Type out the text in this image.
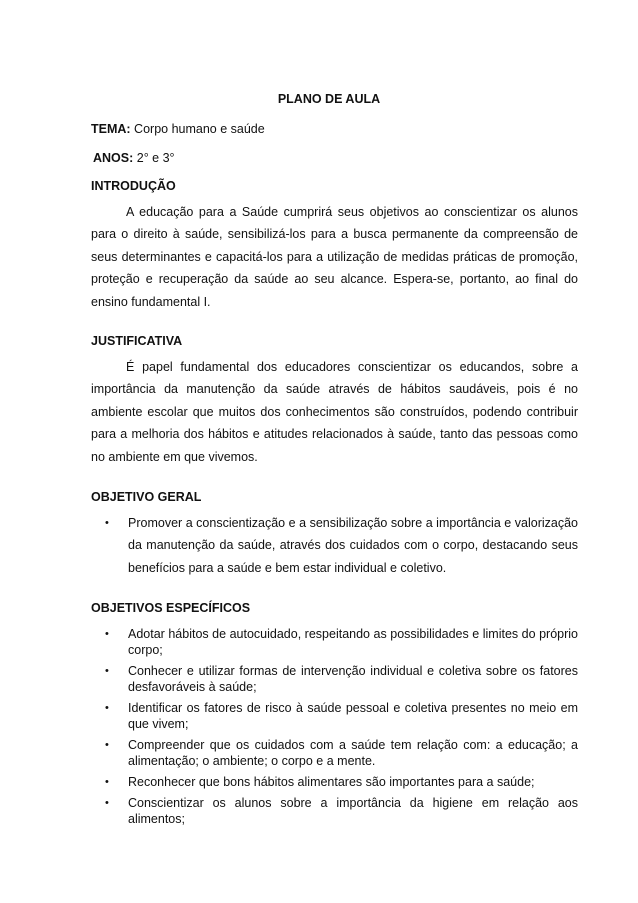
PLANO DE AULA
TEMA: Corpo humano e saúde
ANOS: 2° e 3°
INTRODUÇÃO

A educação para a Saúde cumprirá seus objetivos ao conscientizar os alunos para o direito à saúde, sensibilizá-los para a busca permanente da compreensão de seus determinantes e capacitá-los para a utilização de medidas práticas de promoção, proteção e recuperação da saúde ao seu alcance. Espera-se, portanto, ao final do ensino fundamental I.

JUSTIFICATIVA

É papel fundamental dos educadores conscientizar os educandos, sobre a importância da manutenção da saúde através de hábitos saudáveis, pois é no ambiente escolar que muitos dos conhecimentos são construídos, podendo contribuir para a melhoria dos hábitos e atitudes relacionados à saúde, tanto das pessoas como no ambiente em que vivemos.

OBJETIVO GERAL
• Promover a conscientização e a sensibilização sobre a importância e valorização da manutenção da saúde, através dos cuidados com o corpo, destacando seus benefícios para a saúde e bem estar individual e coletivo.
OBJETIVOS ESPECÍFICOS
• Adotar hábitos de autocuidado, respeitando as possibilidades e limites do próprio corpo;
• Conhecer e utilizar formas de intervenção individual e coletiva sobre os fatores desfavoráveis à saúde;
• Identificar os fatores de risco à saúde pessoal e coletiva presentes no meio em que vivem;
• Compreender que os cuidados com a saúde tem relação com: a educação; a alimentação; o ambiente; o corpo e a mente.
• Reconhecer que bons hábitos alimentares são importantes para a saúde;
• Conscientizar os alunos sobre a importância da higiene em relação aos alimentos;
